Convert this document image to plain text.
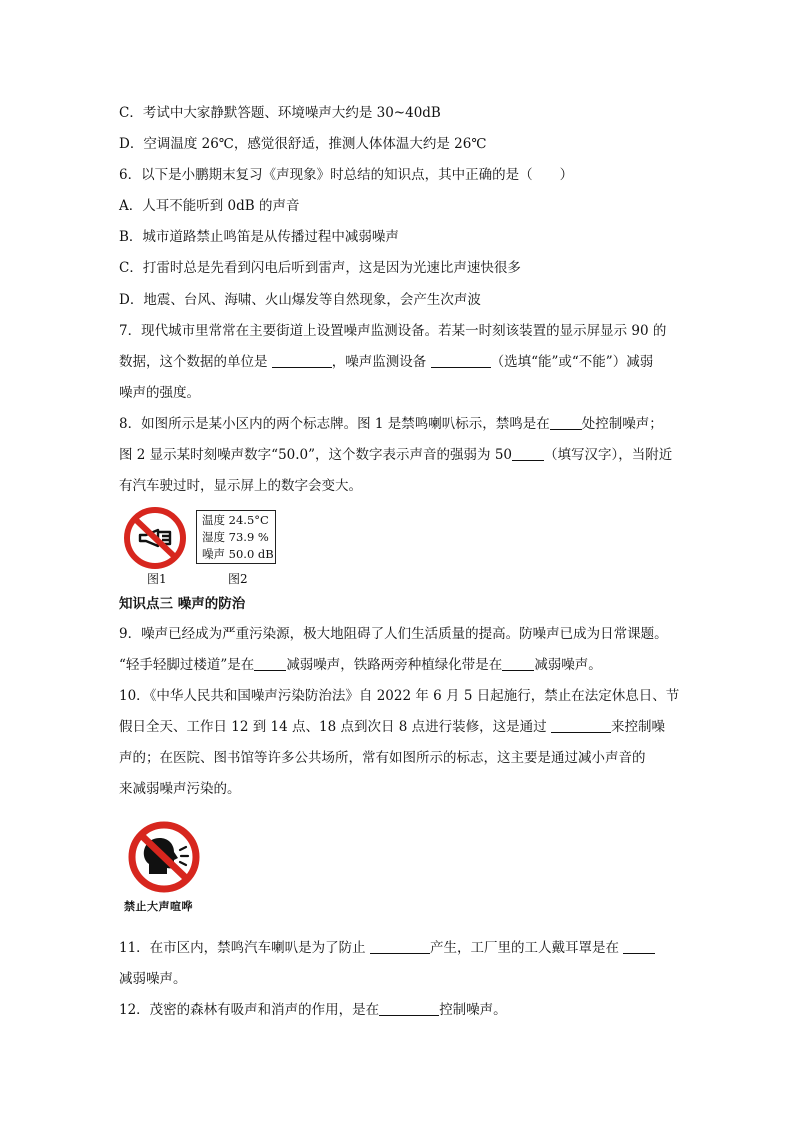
C．考试中大家静默答题、环境噪声大约是 30~40dB
D．空调温度 26℃，感觉很舒适，推测人体体温大约是 26℃
6．以下是小鹏期末复习《声现象》时总结的知识点，其中正确的是（　　）
A．人耳不能听到 0dB 的声音
B．城市道路禁止鸣笛是从传播过程中减弱噪声
C．打雷时总是先看到闪电后听到雷声，这是因为光速比声速快很多
D．地震、台风、海啸、火山爆发等自然现象，会产生次声波
7．现代城市里常常在主要街道上设置噪声监测设备。若某一时刻该装置的显示屏显示 90 的
数据，这个数据的单位是	，噪声监测设备	（选填“能”或“不能”）减弱
噪声的强度。
8．如图所示是某小区内的两个标志牌。图 1 是禁鸣喇叭标示，禁鸣是在 处控制噪声；
图 2 显示某时刻噪声数字“50.0”，这个数字表示声音的强弱为 50 （填写汉字），当附近
有汽车驶过时，显示屏上的数字会变大。
图1
温度 24.5°C
湿度 73.9 %
噪声 50.0 dB
图2
知识点三 噪声的防治
9．噪声已经成为严重污染源，极大地阻碍了人们生活质量的提高。防噪声已成为日常课题。
“轻手轻脚过楼道”是在 减弱噪声，铁路两旁种植绿化带是在 减弱噪声。
10．《中华人民共和国噪声污染防治法》自 2022 年 6 月 5 日起施行，禁止在法定休息日、节
假日全天、工作日 12 到 14 点、18 点到次日 8 点进行装修，这是通过	来控制噪
声的；在医院、图书馆等许多公共场所，常有如图所示的标志，这主要是通过减小声音的
来减弱噪声污染的。
禁止大声喧哗
11．在市区内，禁鸣汽车喇叭是为了防止	产生，工厂里的工人戴耳罩是在
减弱噪声。
12．茂密的森林有吸声和消声的作用，是在	控制噪声。
